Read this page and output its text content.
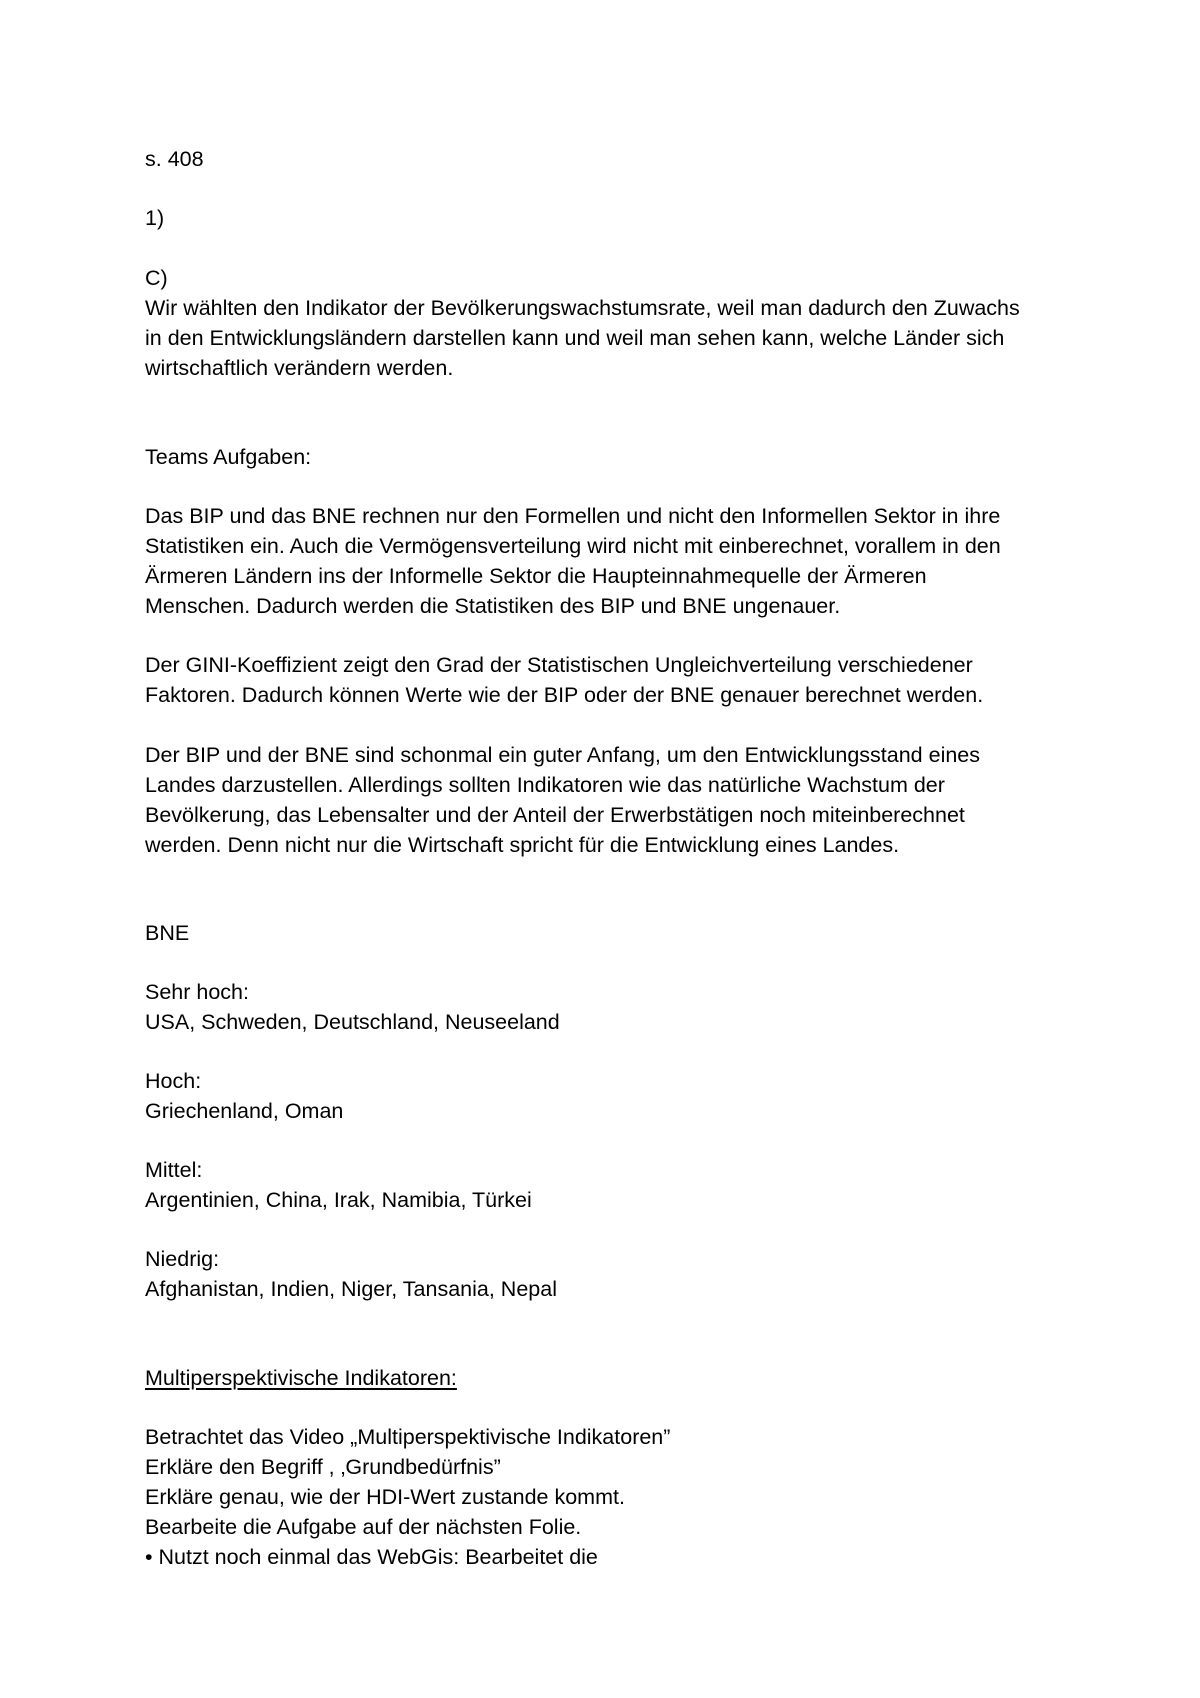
s. 408
1)
C)
Wir wählten den Indikator der Bevölkerungswachstumsrate, weil man dadurch den Zuwachs
in den Entwicklungsländern darstellen kann und weil man sehen kann, welche Länder sich
wirtschaftlich verändern werden.
Teams Aufgaben:
Das BIP und das BNE rechnen nur den Formellen und nicht den Informellen Sektor in ihre
Statistiken ein. Auch die Vermögensverteilung wird nicht mit einberechnet, vorallem in den
Ärmeren Ländern ins der Informelle Sektor die Haupteinnahmequelle der Ärmeren
Menschen. Dadurch werden die Statistiken des BIP und BNE ungenauer.
Der GINI-Koeffizient zeigt den Grad der Statistischen Ungleichverteilung verschiedener
Faktoren. Dadurch können Werte wie der BIP oder der BNE genauer berechnet werden.
Der BIP und der BNE sind schonmal ein guter Anfang, um den Entwicklungsstand eines
Landes darzustellen. Allerdings sollten Indikatoren wie das natürliche Wachstum der
Bevölkerung, das Lebensalter und der Anteil der Erwerbstätigen noch miteinberechnet
werden. Denn nicht nur die Wirtschaft spricht für die Entwicklung eines Landes.
BNE
Sehr hoch:
USA, Schweden, Deutschland, Neuseeland
Hoch:
Griechenland, Oman
Mittel:
Argentinien, China, Irak, Namibia, Türkei
Niedrig:
Afghanistan, Indien, Niger, Tansania, Nepal
Multiperspektivische Indikatoren:
Betrachtet das Video „Multiperspektivische Indikatoren”
Erkläre den Begriff , ‚Grundbedürfnis”
Erkläre genau, wie der HDI-Wert zustande kommt.
Bearbeite die Aufgabe auf der nächsten Folie.
• Nutzt noch einmal das WebGis: Bearbeitet die
